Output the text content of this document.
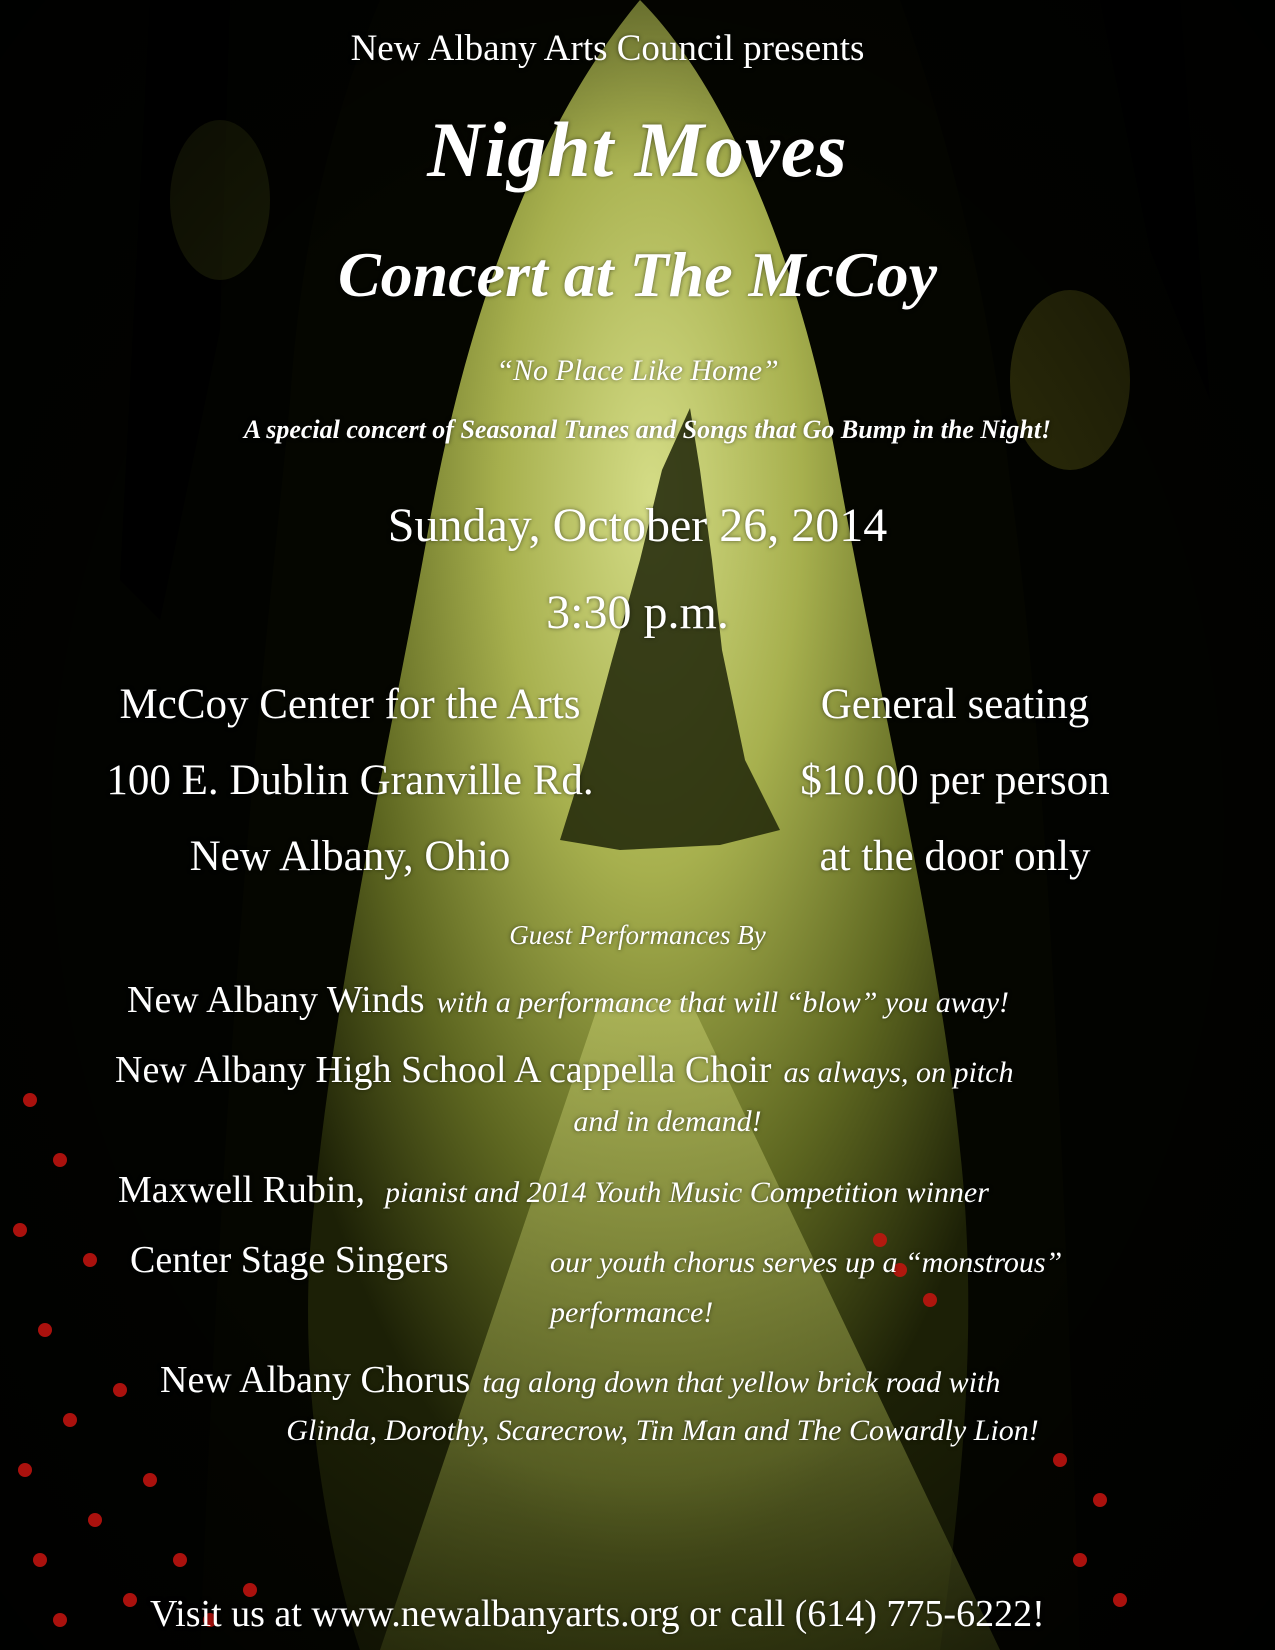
New Albany Arts Council presents
Night Moves
Concert at The McCoy
“No Place Like Home”
A special concert of Seasonal Tunes and Songs that Go Bump in the Night!
Sunday, October 26, 2014
3:30 p.m.
McCoy Center for the Arts
100 E. Dublin Granville Rd.
New Albany, Ohio
General seating
$10.00 per person
at the door only
Guest Performances By
New Albany Winds with a performance that will “blow” you away!
New Albany High School A cappella Choir as always, on pitch
and in demand!
Maxwell Rubin, pianist and 2014 Youth Music Competition winner
Center Stage Singers	our youth chorus serves up a “monstrous”
performance!
New Albany Chorus tag along down that yellow brick road with
Glinda, Dorothy, Scarecrow, Tin Man and The Cowardly Lion!
Visit us at www.newalbanyarts.org or call (614) 775-6222!
